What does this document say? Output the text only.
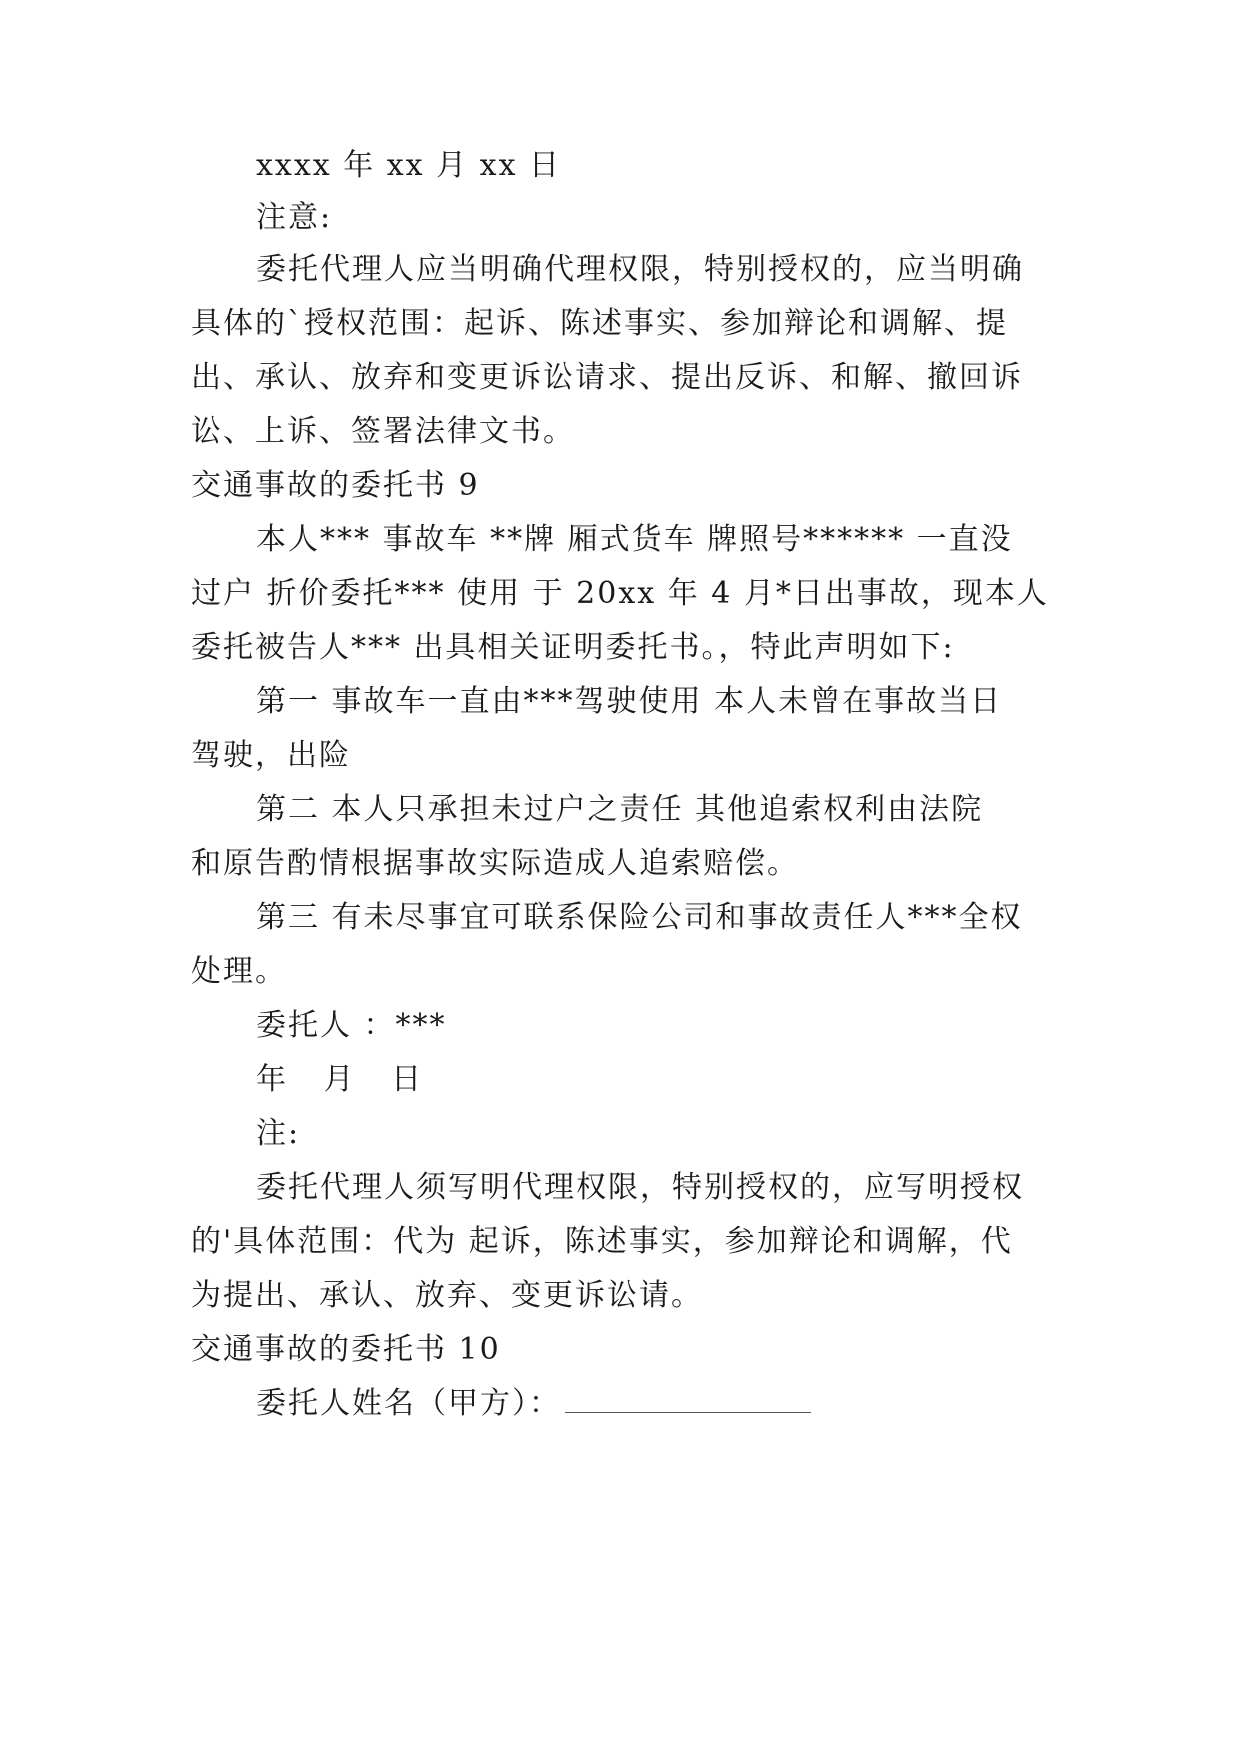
xxxx 年 xx 月 xx 日

注意:

委托代理人应当明确代理权限，特别授权的，应当明确

具体的`授权范围：起诉、陈述事实、参加辩论和调解、提

出、承认、放弃和变更诉讼请求、提出反诉、和解、撤回诉

讼、上诉、签署法律文书。

交通事故的委托书 9

本人*** 事故车 **牌 厢式货车 牌照号****** 一直没

过户 折价委托*** 使用 于 20xx 年 4 月*日出事故，现本人

委托被告人*** 出具相关证明委托书。，特此声明如下:

第一 事故车一直由***驾驶使用 本人未曾在事故当日

驾驶，出险

第二 本人只承担未过户之责任 其他追索权利由法院

和原告酌情根据事故实际造成人追索赔偿。

第三 有未尽事宜可联系保险公司和事故责任人***全权

处理。

委托人 ：***

年 月 日

注:

委托代理人须写明代理权限，特别授权的，应写明授权

的'具体范围：代为 起诉，陈述事实，参加辩论和调解，代

为提出、承认、放弃、变更诉讼请。

交通事故的委托书 10

委托人姓名（甲方）：
